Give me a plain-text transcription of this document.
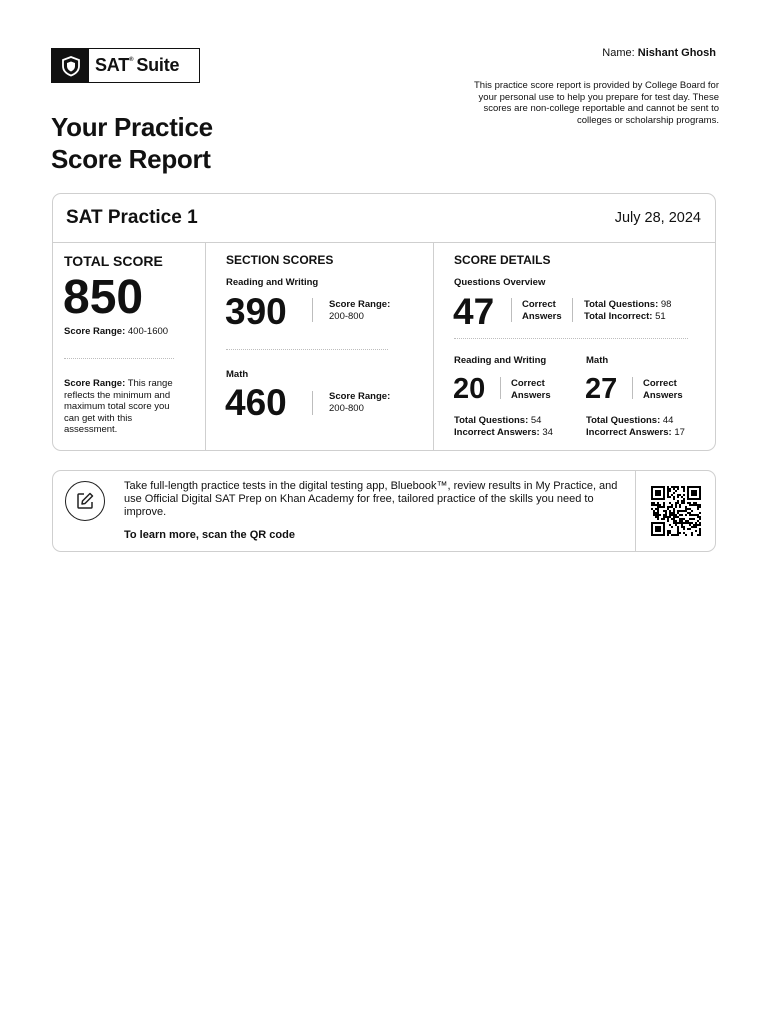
SAT® Suite
Your Practice
Score Report
Name: Nishant Ghosh
This practice score report is provided by College Board for your personal use to help you prepare for test day. These scores are non-college reportable and cannot be sent to colleges or scholarship programs.
SAT Practice 1	July 28, 2024
TOTAL SCORE
850
Score Range: 400-1600
Score Range: This range reflects the minimum and maximum total score you can get with this assessment.
SECTION SCORES
Reading and Writing
390	Score Range:
200-800
Math
460	Score Range:
200-800
SCORE DETAILS
Questions Overview
47	Correct
Answers
Total Questions: 98
Total Incorrect: 51
Reading and Writing
20	Correct
Answers
Total Questions: 54
Incorrect Answers: 34
Math
27	Correct
Answers
Total Questions: 44
Incorrect Answers: 17
Take full-length practice tests in the digital testing app, Bluebook™, review results in My Practice, and use Official Digital SAT Prep on Khan Academy for free, tailored practice of the skills you need to improve.
To learn more, scan the QR code
